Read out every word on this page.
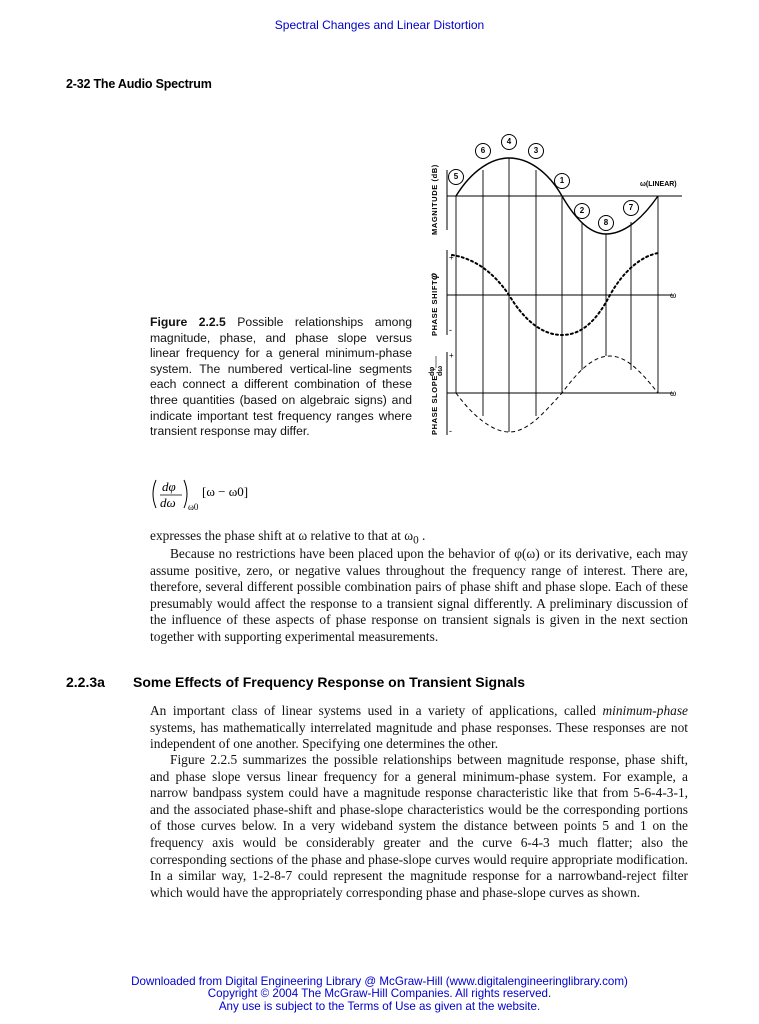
Spectral Changes and Linear Distortion
2-32 The Audio Spectrum
Figure 2.2.5 Possible relationships among magnitude, phase, and phase slope versus linear frequency for a general minimum-phase system. The numbered vertical-line segments each connect a different combination of these three quantities (based on algebraic signs) and indicate important test frequency ranges where transient response may differ.
MAGNITUDE (dB)
PHASE SHIFT
φ
PHASE SLOPE
dφ dω
+
-
+
-
ω(LINEAR)
ω
ω
1
2
3
4
5
6
7
8
dφ
dω ω0
[ω − ω0]
expresses the phase shift at ω relative to that at $\omega_0$ .
Because no restrictions have been placed upon the behavior of φ(ω) or its derivative, each may assume positive, zero, or negative values throughout the frequency range of interest. There are, therefore, several different possible combination pairs of phase shift and phase slope. Each of these presumably would affect the response to a transient signal differently. A preliminary discussion of the influence of these aspects of phase response on transient signals is given in the next section together with supporting experimental measurements.
2.2.3a Some Effects of Frequency Response on Transient Signals
An important class of linear systems used in a variety of applications, called minimum-phase systems, has mathematically interrelated magnitude and phase responses. These responses are not independent of one another. Specifying one determines the other.
Figure 2.2.5 summarizes the possible relationships between magnitude response, phase shift, and phase slope versus linear frequency for a general minimum-phase system. For example, a narrow bandpass system could have a magnitude response characteristic like that from 5-6-4-3-1, and the associated phase-shift and phase-slope characteristics would be the corresponding portions of those curves below. In a very wideband system the distance between points 5 and 1 on the frequency axis would be considerably greater and the curve 6-4-3 much flatter; also the corresponding sections of the phase and phase-slope curves would require appropriate modification. In a similar way, 1-2-8-7 could represent the magnitude response for a narrowband-reject filter which would have the appropriately corresponding phase and phase-slope curves as shown.
Downloaded from Digital Engineering Library @ McGraw-Hill (www.digitalengineeringlibrary.com)
Copyright © 2004 The McGraw-Hill Companies. All rights reserved.
Any use is subject to the Terms of Use as given at the website.
